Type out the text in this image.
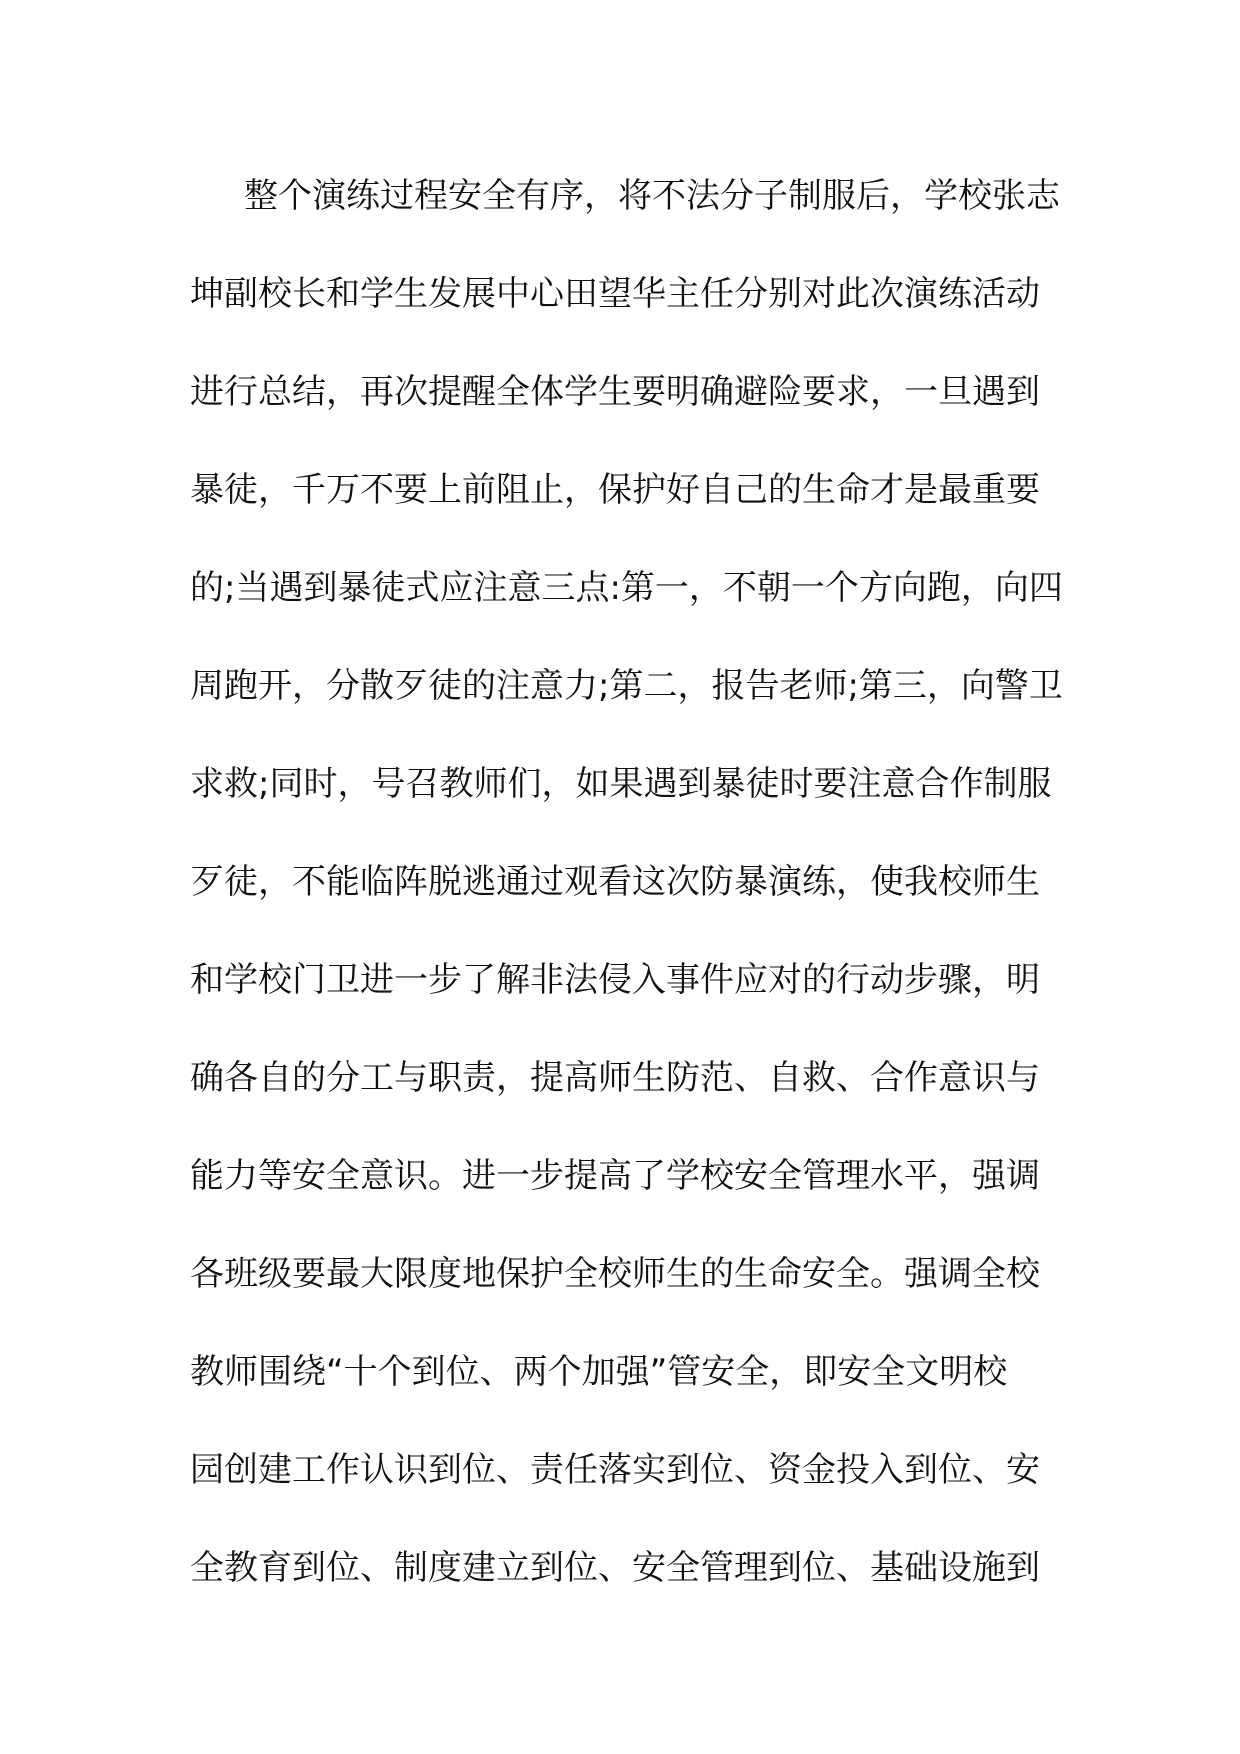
整个演练过程安全有序，将不法分子制服后，学校张志
坤副校长和学生发展中心田望华主任分别对此次演练活动
进行总结，再次提醒全体学生要明确避险要求，一旦遇到
暴徒，千万不要上前阻止，保护好自己的生命才是最重要
的;当遇到暴徒式应注意三点:第一，不朝一个方向跑，向四
周跑开，分散歹徒的注意力;第二，报告老师;第三，向警卫
求救;同时，号召教师们，如果遇到暴徒时要注意合作制服
歹徒，不能临阵脱逃通过观看这次防暴演练，使我校师生
和学校门卫进一步了解非法侵入事件应对的行动步骤，明
确各自的分工与职责，提高师生防范、自救、合作意识与
能力等安全意识。进一步提高了学校安全管理水平，强调
各班级要最大限度地保护全校师生的生命安全。强调全校
教师围绕“十个到位、两个加强”管安全，即安全文明校
园创建工作认识到位、责任落实到位、资金投入到位、安
全教育到位、制度建立到位、安全管理到位、基础设施到
